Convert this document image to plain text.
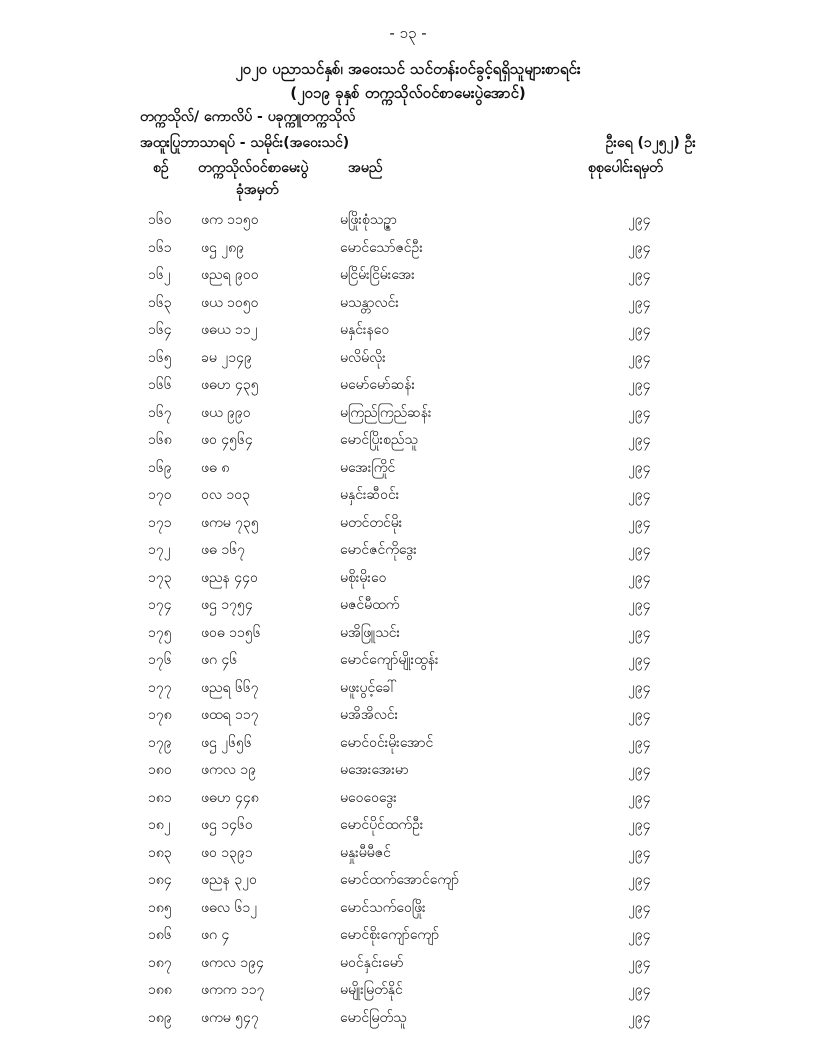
- ၁၃ -
၂၀၂၀ ပညာသင်နှစ်၊ အဝေးသင် သင်တန်းဝင်ခွင့်ရရှိသူများစာရင်း
(၂၀၁၉ ခုနှစ် တက္ကသိုလ်ဝင်စာမေးပွဲအောင်)
တက္ကသိုလ်/ ကောလိပ် - ပခုက္ကူတက္ကသိုလ်
အထူးပြုဘာသာရပ် - သမိုင်း(အဝေးသင်)	ဦးရေ (၁၂၅၂) ဦး
စဉ် တက္ကသိုလ်ဝင်စာမေးပွဲ
ခုံအမှတ်
အမည်	စုစုပေါင်းရမှတ်
၁၆၀ ဖက ၁၁၅၀	မဖြိုးစုံသဥ္ဇာ	၂၉၄
၁၆၁ ဖဌ ၂၈၉	မောင်သော်ဇင်ဦး	၂၉၄
၁၆၂ ဖညရ ၉၀၀	မငြိမ်းငြိမ်းအေး	၂၉၄
၁၆၃ ဖယ ၁၀၅၀	မသန္တာလင်း	၂၉၄
၁၆၄ ဖဓယ ၁၁၂	မနှင်းနဝေ	၂၉၄
၁၆၅ ခမ ၂၁၄၉	မလိမ်လိုး	၂၉၄
၁၆၆ ဖဓဟ ၄၃၅	မမော်မော်ဆန်း	၂၉၄
၁၆၇ ဖယ ၉၉၀	မကြည်ကြည်ဆန်း	၂၉၄
၁၆၈ ဖဝ ၄၅၆၄	မောင်ပြိုးစည်သူ	၂၉၄
၁၆၉ ဖဓ ၈	မအေးကြိုင်	၂၉၄
၁၇၀ ဝလ ၁၀၃	မနှင်းဆီဝင်း	၂၉၄
၁၇၁ ဖကမ ၇၃၅	မတင်တင်မိုး	၂၉၄
၁၇၂ ဖဓ ၁၆၇	မောင်ဇင်ကိုဒွေး	၂၉၄
၁၇၃ ဖညန ၄၄၀	မစိုးမိုးဝေ	၂၉၄
၁၇၄ ဖဌ ၁၇၅၄	မဇင်မီထက်	၂၉၄
၁၇၅ ဖဝဓ ၁၁၅၆	မအိဖြူသင်း	၂၉၄
၁၇၆ ဖဂ ၄၆	မောင်ကျော်မျိုးထွန်း	၂၉၄
၁၇၇ ဖညရ ၆၆၇	မဖူးပွင့်ခေါ်	၂၉၄
၁၇၈ ဖထရ ၁၁၇	မအိအိလင်း	၂၉၄
၁၇၉ ဖဌ ၂၆၅၆	မောင်ဝင်းမိုးအောင်	၂၉၄
၁၈၀ ဖကလ ၁၉	မအေးအေးမာ	၂၉၄
၁၈၁ ဖဓဟ ၄၄၈	မဝေဝေဒွေး	၂၉၄
၁၈၂ ဖဌ ၁၄၆၀	မောင်ပိုင်ထက်ဦး	၂၉၄
၁၈၃ ဖဝ ၁၃၉၁	မနှုးမီမီဇင်	၂၉၄
၁၈၄ ဖညန ၃၂၀	မောင်ထက်အောင်ကျော်	၂၉၄
၁၈၅ ဖဓလ ၆၁၂	မောင်သက်ဝေဖြိုး	၂၉၄
၁၈၆ ဖဂ ၄	မောင်စိုးကျော်ကျော်	၂၉၄
၁၈၇ ဖကလ ၁၉၄	မဝင်နှင်းမော်	၂၉၄
၁၈၈ ဖကက ၁၁၇	မမျိုးမြတ်နိုင်	၂၉၄
၁၈၉ ဖကမ ၅၄၇	မောင်မြတ်သူ	၂၉၄
